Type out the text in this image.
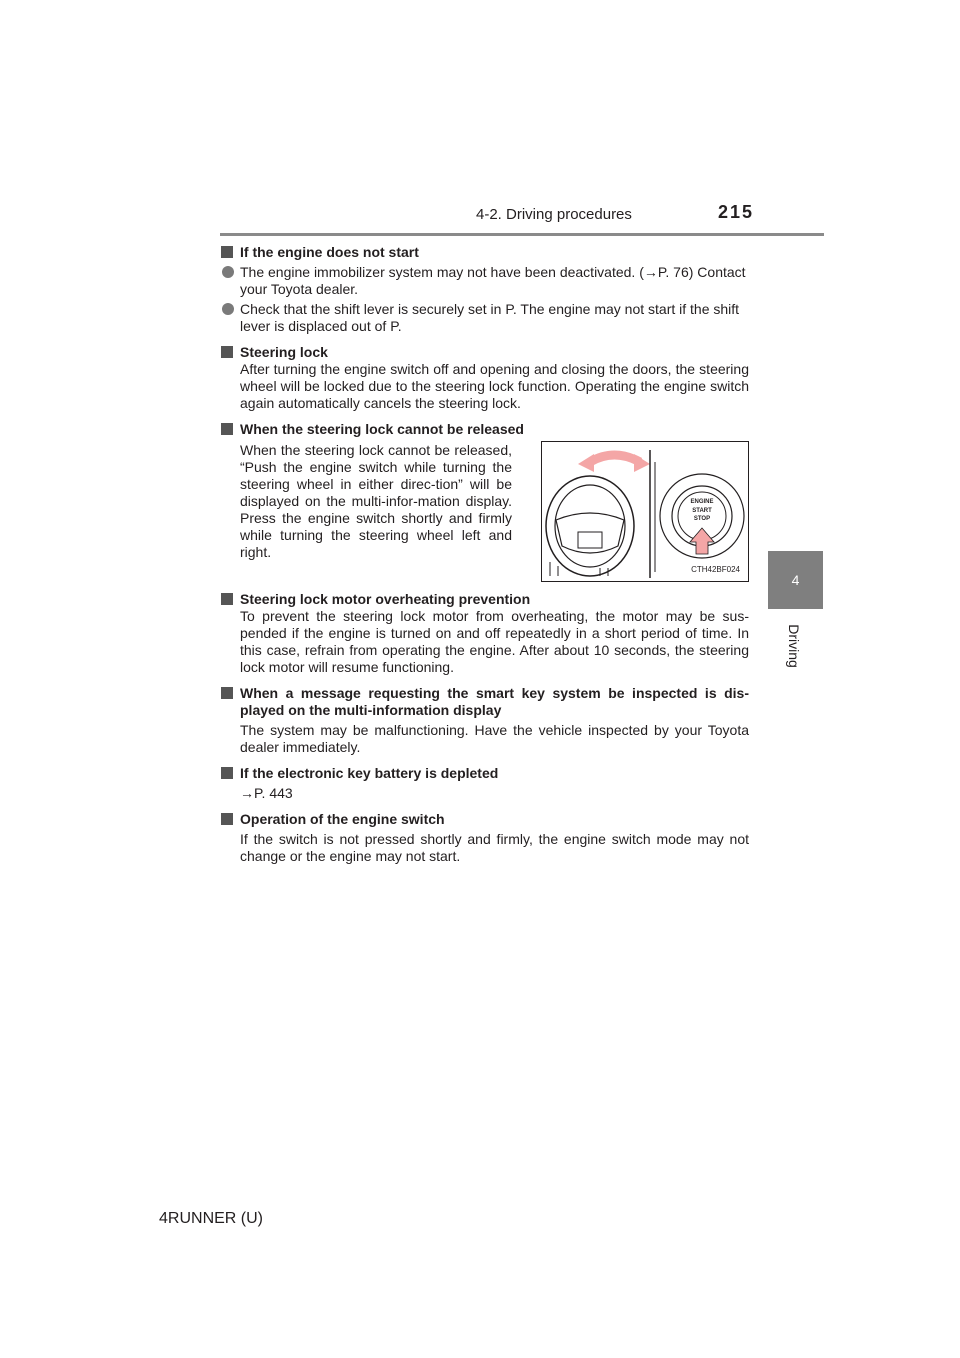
4-2. Driving procedures	215
4
Driving
If the engine does not start
The engine immobilizer system may not have been deactivated. (→P. 76) Contact your Toyota dealer.
Check that the shift lever is securely set in P. The engine may not start if the shift lever is displaced out of P.
Steering lock
After turning the engine switch off and opening and closing the doors, the steering wheel will be locked due to the steering lock function. Operating the engine switch again automatically cancels the steering lock.
When the steering lock cannot be released
When the steering lock cannot be released, “Push the engine switch while turning the steering wheel in either direc-tion” will be displayed on the multi-infor-mation display. Press the engine switch shortly and firmly while turning the steering wheel left and right.
ENGINE
START
STOP
CTH42BF024
Steering lock motor overheating prevention
To prevent the steering lock motor from overheating, the motor may be sus-pended if the engine is turned on and off repeatedly in a short period of time. In this case, refrain from operating the engine. After about 10 seconds, the steering lock motor will resume functioning.
When a message requesting the smart key system be inspected is dis-played on the multi-information display
The system may be malfunctioning. Have the vehicle inspected by your Toyota dealer immediately.
If the electronic key battery is depleted
→P. 443
Operation of the engine switch
If the switch is not pressed shortly and firmly, the engine switch mode may not change or the engine may not start.
4RUNNER (U)
